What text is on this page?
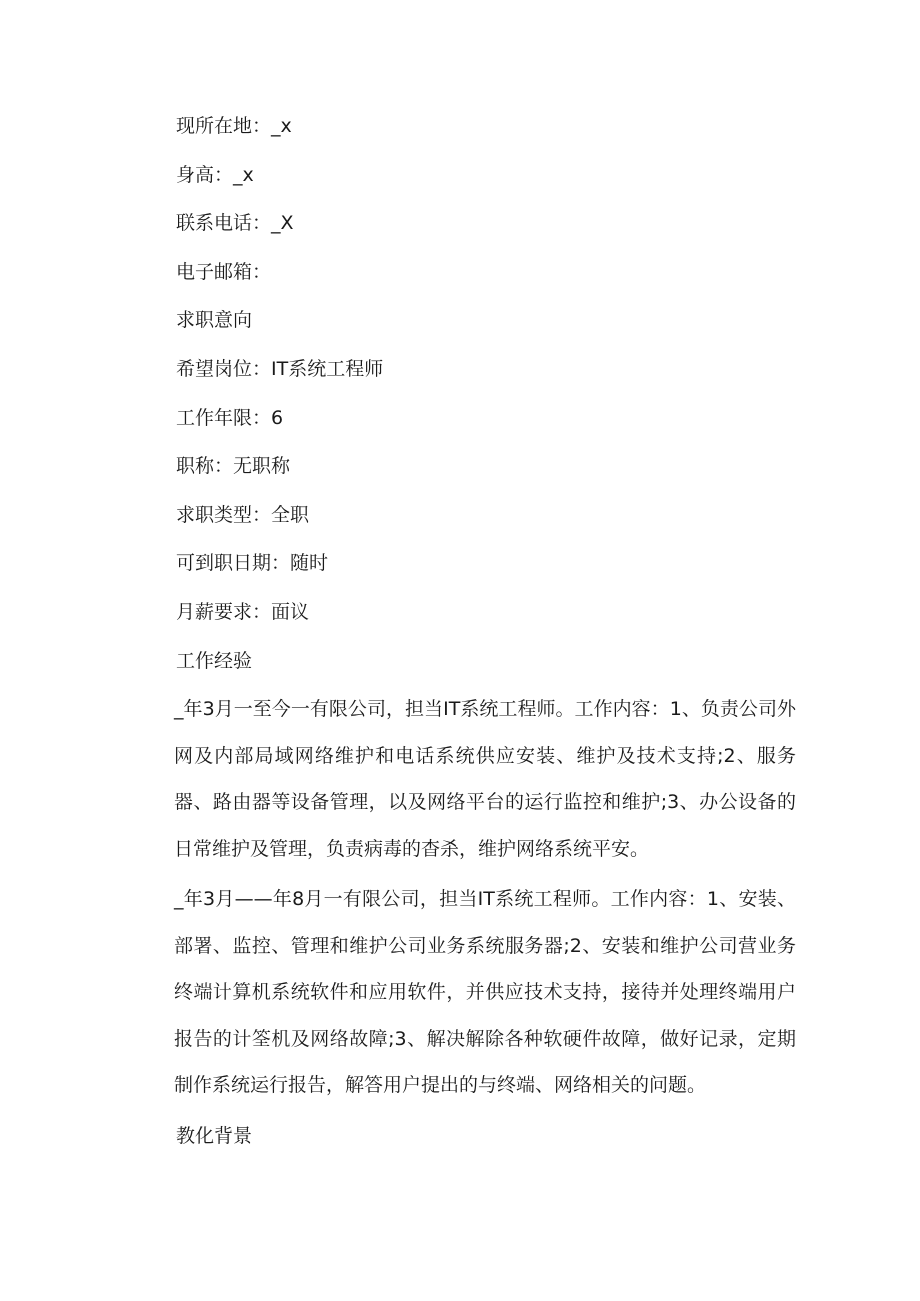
现所在地：_x
身高：_x
联系电话：_X
电子邮箱：
求职意向
希望岗位：IT系统工程师
工作年限：6
职称：无职称
求职类型：全职
可到职日期：随时
月薪要求：面议
工作经验
_年3月一至今一有限公司，担当IT系统工程师。工作内容：1、负责公司外网及内部局域网络维护和电话系统供应安装、维护及技术支持;2、服务器、路由器等设备管理，以及网络平台的运行监控和维护;3、办公设备的日常维护及管理，负责病毒的杳杀，维护网络系统平安。
_年3月——年8月一有限公司，担当IT系统工程师。工作内容：1、安装、部署、监控、管理和维护公司业务系统服务器;2、安装和维护公司营业务终端计算机系统软件和应用软件，并供应技术支持，接待并处理终端用户报告的计筌机及网络故障;3、解决解除各种软硬件故障，做好记录，定期制作系统运行报告，解答用户提出的与终端、网络相关的问题。
教化背景
